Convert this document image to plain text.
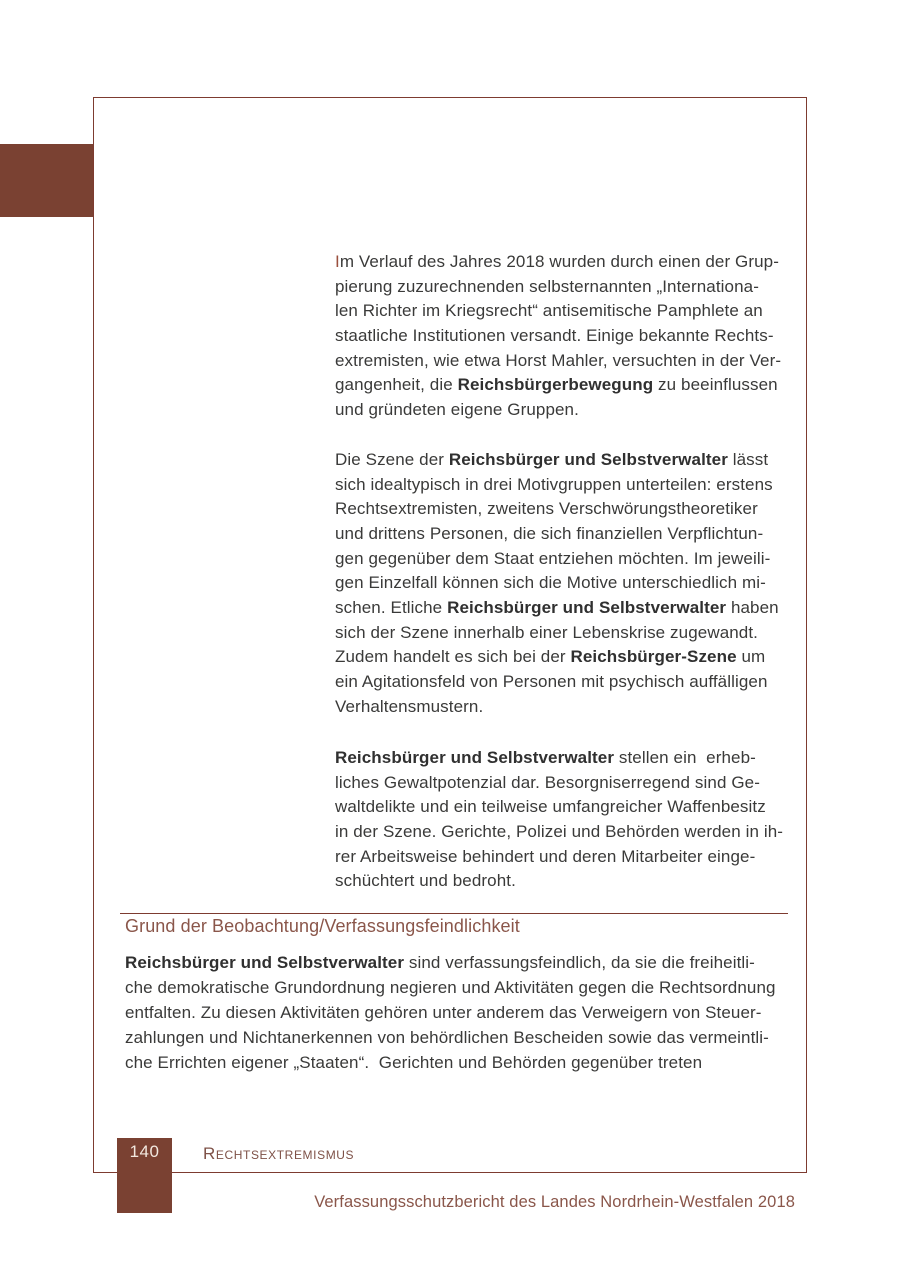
Im Verlauf des Jahres 2018 wurden durch einen der Grup-
pierung zuzurechnenden selbsternannten „Internationa-
len Richter im Kriegsrecht“ antisemitische Pamphlete an
staatliche Institutionen versandt. Einige bekannte Rechts-
extremisten, wie etwa Horst Mahler, versuchten in der Ver-
gangenheit, die Reichsbürgerbewegung zu beeinflussen
und gründeten eigene Gruppen.
Die Szene der Reichsbürger und Selbstverwalter lässt
sich idealtypisch in drei Motivgruppen unterteilen: erstens
Rechtsextremisten, zweitens Verschwörungstheoretiker
und drittens Personen, die sich finanziellen Verpflichtun-
gen gegenüber dem Staat entziehen möchten. Im jeweili-
gen Einzelfall können sich die Motive unterschiedlich mi-
schen. Etliche Reichsbürger und Selbstverwalter haben
sich der Szene innerhalb einer Lebenskrise zugewandt.
Zudem handelt es sich bei der Reichsbürger-Szene um
ein Agitationsfeld von Personen mit psychisch auffälligen
Verhaltensmustern.
Reichsbürger und Selbstverwalter stellen ein  erheb-
liches Gewaltpotenzial dar. Besorgniserregend sind Ge-
waltdelikte und ein teilweise umfangreicher Waffenbesitz
in der Szene. Gerichte, Polizei und Behörden werden in ih-
rer Arbeitsweise behindert und deren Mitarbeiter einge-
schüchtert und bedroht.
Grund der Beobachtung/Verfassungsfeindlichkeit
Reichsbürger und Selbstverwalter sind verfassungsfeindlich, da sie die freiheitli-
che demokratische Grundordnung negieren und Aktivitäten gegen die Rechtsordnung
entfalten. Zu diesen Aktivitäten gehören unter anderem das Verweigern von Steuer-
zahlungen und Nichtanerkennen von behördlichen Bescheiden sowie das vermeintli-
che Errichten eigener „Staaten“.  Gerichten und Behörden gegenüber treten
140	Rechtsextremismus
Verfassungsschutzbericht des Landes Nordrhein-Westfalen 2018
